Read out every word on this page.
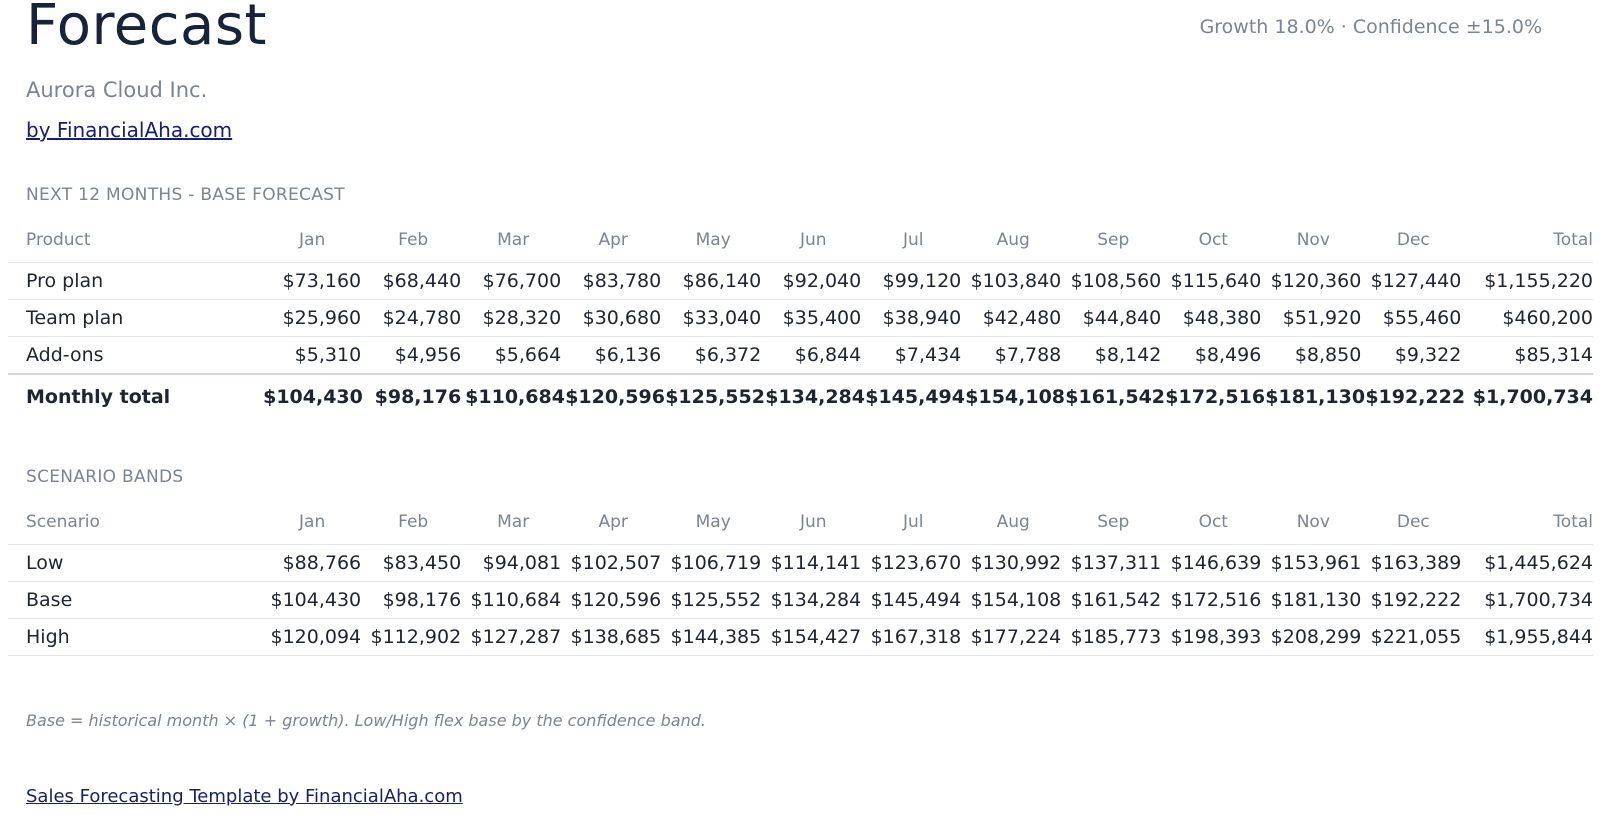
Forecast	Growth 18.0% · Confidence ±15.0%
Aurora Cloud Inc.
by FinancialAha.com
NEXT 12 MONTHS - BASE FORECAST
Product	Jan	Feb	Mar	Apr	May	Jun	Jul	Aug	Sep	Oct	Nov	Dec	Total
Pro plan	$73,160	$68,440	$76,700	$83,780	$86,140	$92,040	$99,120	$103,840	$108,560	$115,640	$120,360	$127,440	$1,155,220
Team plan	$25,960	$24,780	$28,320	$30,680	$33,040	$35,400	$38,940	$42,480	$44,840	$48,380	$51,920	$55,460	$460,200
Add-ons	$5,310	$4,956	$5,664	$6,136	$6,372	$6,844	$7,434	$7,788	$8,142	$8,496	$8,850	$9,322	$85,314
Monthly total	$104,430	$98,176	$110,684	$120,596	$125,552	$134,284	$145,494	$154,108	$161,542	$172,516	$181,130	$192,222	$1,700,734
SCENARIO BANDS
Scenario	Jan	Feb	Mar	Apr	May	Jun	Jul	Aug	Sep	Oct	Nov	Dec	Total
Low	$88,766	$83,450	$94,081	$102,507	$106,719	$114,141	$123,670	$130,992	$137,311	$146,639	$153,961	$163,389	$1,445,624
Base	$104,430	$98,176	$110,684	$120,596	$125,552	$134,284	$145,494	$154,108	$161,542	$172,516	$181,130	$192,222	$1,700,734
High	$120,094	$112,902	$127,287	$138,685	$144,385	$154,427	$167,318	$177,224	$185,773	$198,393	$208,299	$221,055	$1,955,844
Base = historical month × (1 + growth). Low/High flex base by the confidence band.
Sales Forecasting Template by FinancialAha.com
